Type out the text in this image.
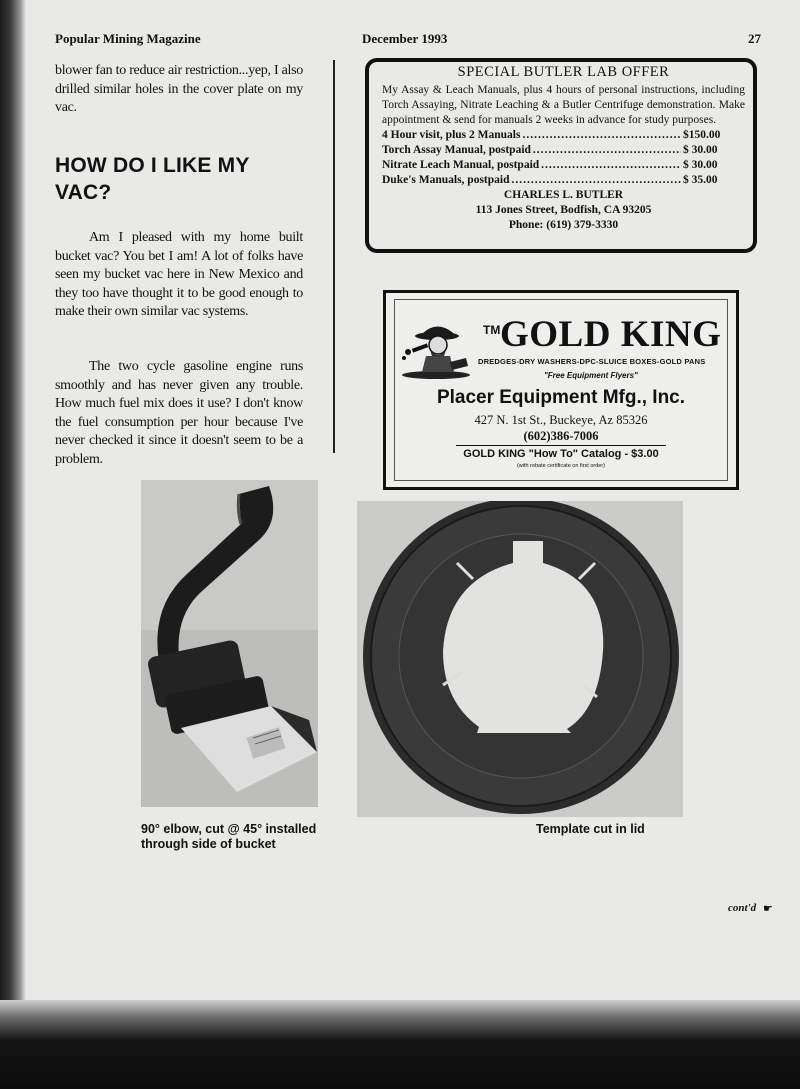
Popular Mining Magazine	December 1993	27
blower fan to reduce air restriction...yep, I also drilled similar holes in the cover plate on my vac.
HOW DO I LIKE MY VAC?
Am I pleased with my home built bucket vac? You bet I am! A lot of folks have seen my bucket vac here in New Mexico and they too have thought it to be good enough to make their own similar vac systems.
The two cycle gasoline engine runs smoothly and has never given any trouble. How much fuel mix does it use? I don't know the fuel consumption per hour because I've never checked it since it doesn't seem to be a problem.
SPECIAL BUTLER LAB OFFER
My Assay & Leach Manuals, plus 4 hours of personal instructions, including Torch Assaying, Nitrate Leaching & a Butler Centrifuge demonstration. Make appointment & send for manuals 2 weeks in advance for study purposes.
4 Hour visit, plus 2 Manuals .....	$150.00
Torch Assay Manual, postpaid .....	$ 30.00
Nitrate Leach Manual, postpaid .....	$ 30.00
Duke's Manuals, postpaid .....	$ 35.00
CHARLES L. BUTLER
113 Jones Street, Bodfish, CA 93205
Phone: (619) 379-3330
TM GOLD KING
DREDGES-DRY WASHERS-DPC-SLUICE BOXES-GOLD PANS
"Free Equipment Flyers"
Placer Equipment Mfg., Inc.
427 N. 1st St., Buckeye, Az 85326
(602)386-7006
GOLD KING "How To" Catalog - $3.00
(with rebate certificate on first order)
90° elbow, cut @ 45° installed through side of bucket
Template cut in lid
cont'd ☛
